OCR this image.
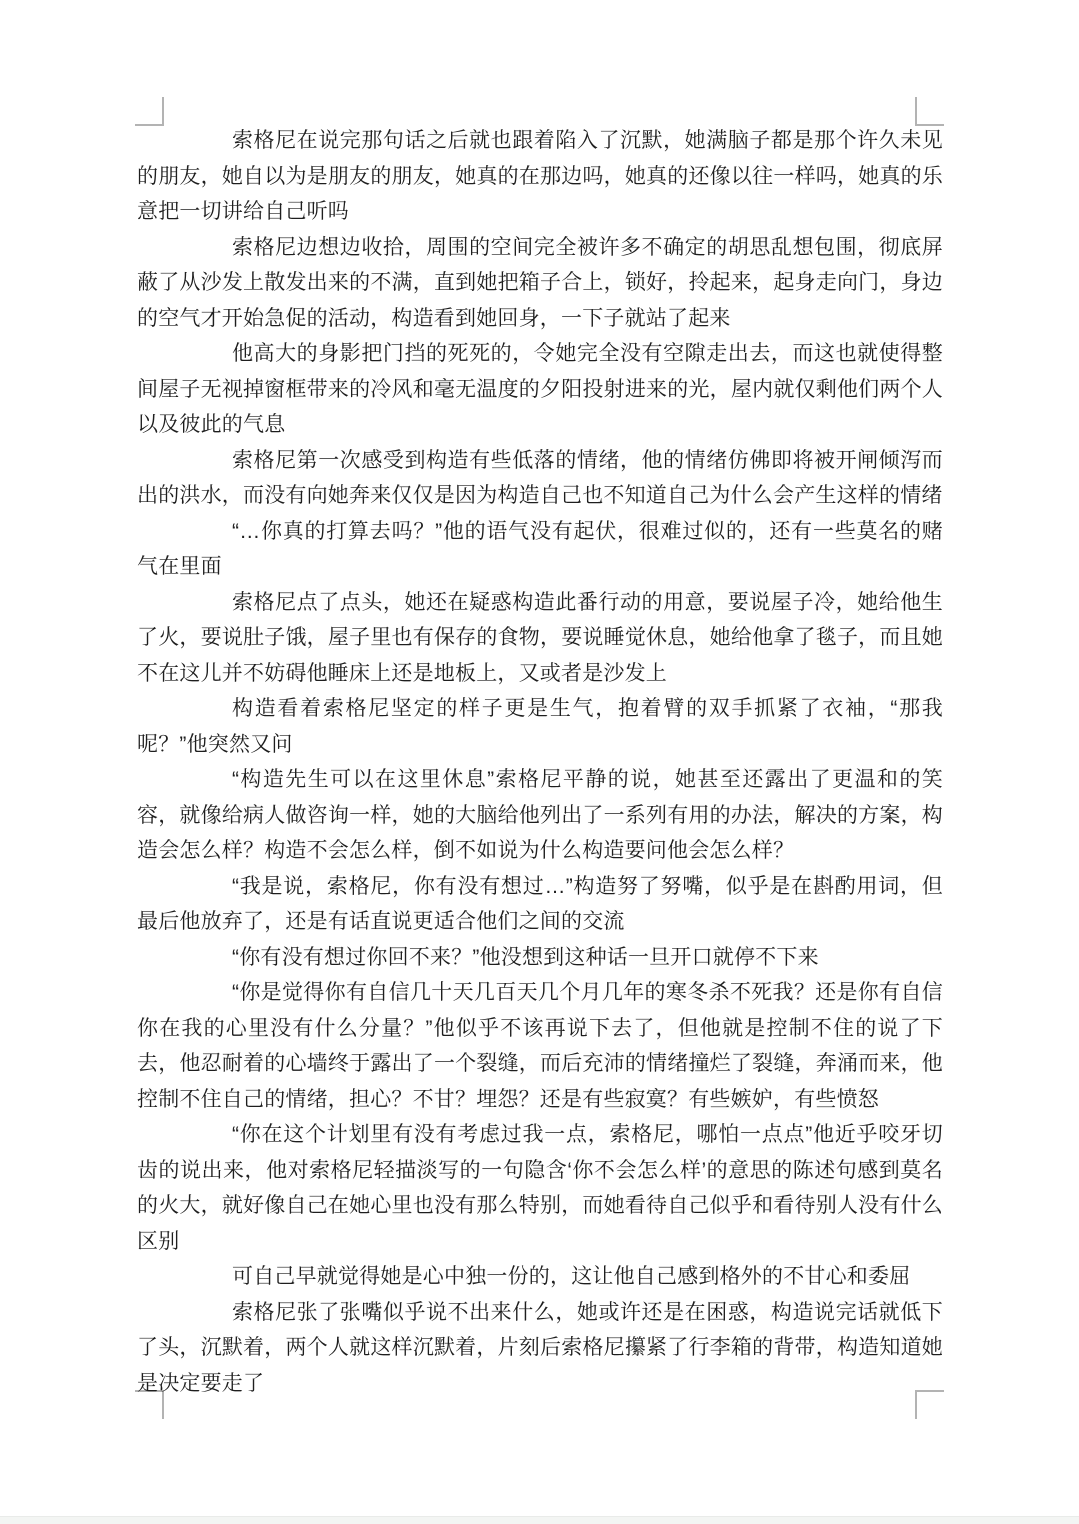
索格尼在说完那句话之后就也跟着陷入了沉默，她满脑子都是那个许久未见的朋友，她自以为是朋友的朋友，她真的在那边吗，她真的还像以往一样吗，她真的乐意把一切讲给自己听吗

索格尼边想边收拾，周围的空间完全被许多不确定的胡思乱想包围，彻底屏蔽了从沙发上散发出来的不满，直到她把箱子合上，锁好，拎起来，起身走向门，身边的空气才开始急促的活动，构造看到她回身，一下子就站了起来

他高大的身影把门挡的死死的，令她完全没有空隙走出去，而这也就使得整间屋子无视掉窗框带来的冷风和毫无温度的夕阳投射进来的光，屋内就仅剩他们两个人以及彼此的气息

索格尼第一次感受到构造有些低落的情绪，他的情绪仿佛即将被开闸倾泻而出的洪水，而没有向她奔来仅仅是因为构造自己也不知道自己为什么会产生这样的情绪

“…你真的打算去吗？”他的语气没有起伏，很难过似的，还有一些莫名的赌气在里面

索格尼点了点头，她还在疑惑构造此番行动的用意，要说屋子冷，她给他生了火，要说肚子饿，屋子里也有保存的食物，要说睡觉休息，她给他拿了毯子，而且她不在这儿并不妨碍他睡床上还是地板上，又或者是沙发上

构造看着索格尼坚定的样子更是生气，抱着臂的双手抓紧了衣袖，“那我呢？”他突然又问

“构造先生可以在这里休息”索格尼平静的说，她甚至还露出了更温和的笑容，就像给病人做咨询一样，她的大脑给他列出了一系列有用的办法，解决的方案，构造会怎么样？构造不会怎么样，倒不如说为什么构造要问他会怎么样？

“我是说，索格尼，你有没有想过…”构造努了努嘴，似乎是在斟酌用词，但最后他放弃了，还是有话直说更适合他们之间的交流

“你有没有想过你回不来？”他没想到这种话一旦开口就停不下来

“你是觉得你有自信几十天几百天几个月几年的寒冬杀不死我？还是你有自信你在我的心里没有什么分量？”他似乎不该再说下去了，但他就是控制不住的说了下去，他忍耐着的心墙终于露出了一个裂缝，而后充沛的情绪撞烂了裂缝，奔涌而来，他控制不住自己的情绪，担心？不甘？埋怨？还是有些寂寞？有些嫉妒，有些愤怒

“你在这个计划里有没有考虑过我一点，索格尼，哪怕一点点”他近乎咬牙切齿的说出来，他对索格尼轻描淡写的一句隐含‘你不会怎么样’的意思的陈述句感到莫名的火大，就好像自己在她心里也没有那么特别，而她看待自己似乎和看待别人没有什么区别

可自己早就觉得她是心中独一份的，这让他自己感到格外的不甘心和委屈

索格尼张了张嘴似乎说不出来什么，她或许还是在困惑，构造说完话就低下了头，沉默着，两个人就这样沉默着，片刻后索格尼攥紧了行李箱的背带，构造知道她是决定要走了
